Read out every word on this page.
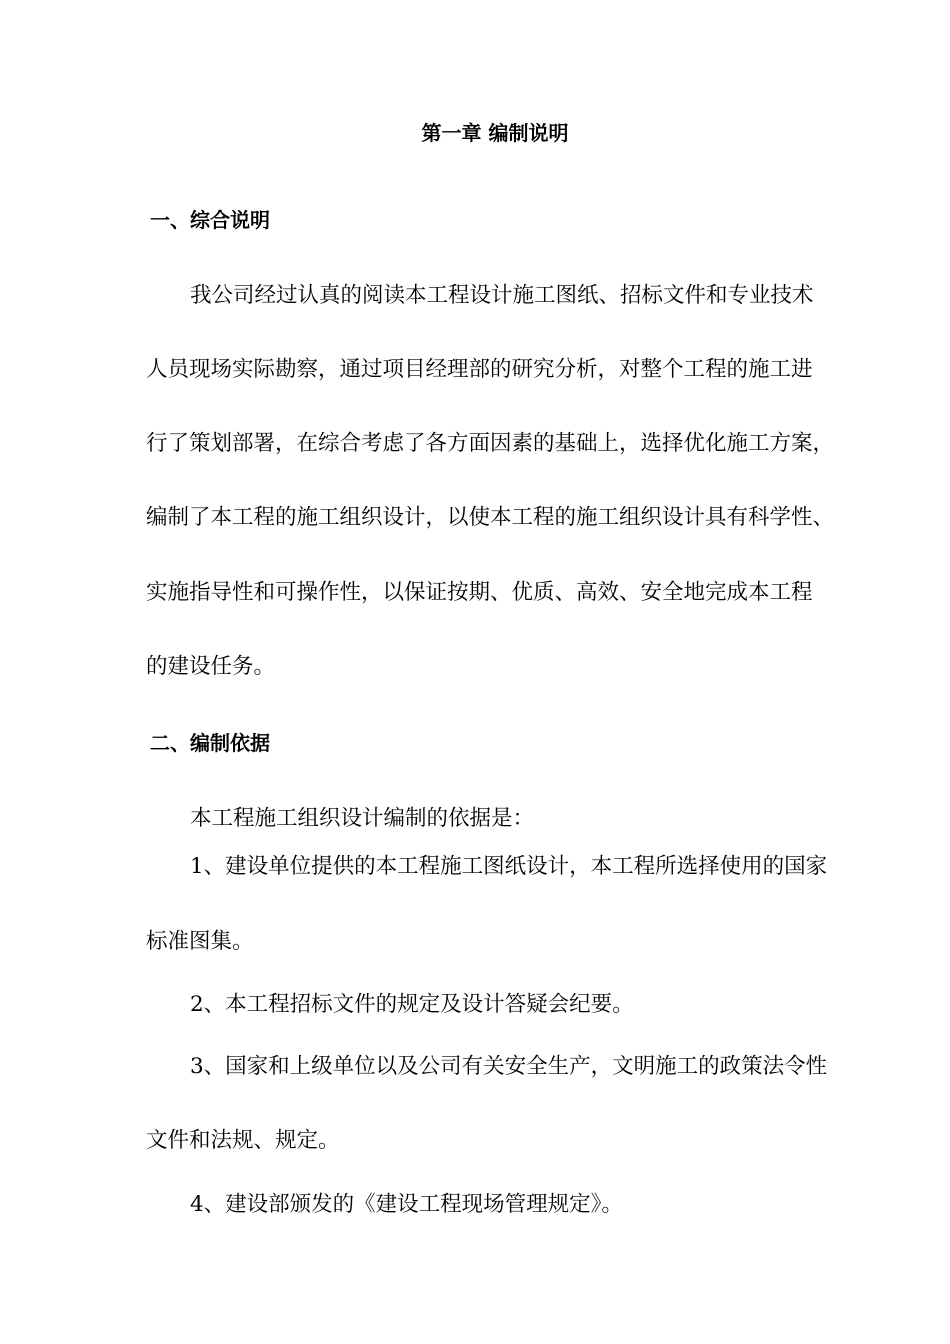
第一章 编制说明
一、综合说明
我公司经过认真的阅读本工程设计施工图纸、招标文件和专业技术
人员现场实际勘察，通过项目经理部的研究分析，对整个工程的施工进
行了策划部署，在综合考虑了各方面因素的基础上，选择优化施工方案，
编制了本工程的施工组织设计，以使本工程的施工组织设计具有科学性、
实施指导性和可操作性，以保证按期、优质、高效、安全地完成本工程
的建设任务。
二、编制依据
本工程施工组织设计编制的依据是：
1、建设单位提供的本工程施工图纸设计，本工程所选择使用的国家
标准图集。
2、本工程招标文件的规定及设计答疑会纪要。
3、国家和上级单位以及公司有关安全生产，文明施工的政策法令性
文件和法规、规定。
4、建设部颁发的《建设工程现场管理规定》。
